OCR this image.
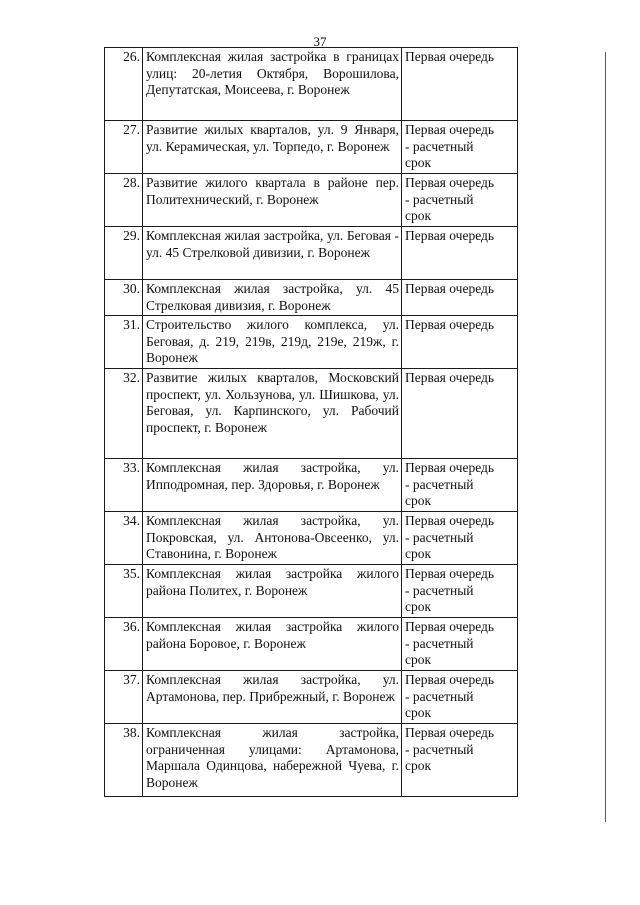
37
26.	Комплексная жилая застройка в границах улиц: 20-летия Октября, Ворошилова, Депутатская, Моисеева, г. Воронеж	Первая очередь

27.	Развитие жилых кварталов, ул. 9 Января, ул. Керамическая, ул. Торпедо, г. Воронеж	Первая очередь
- расчетный
срок

28.	Развитие жилого квартала в районе пер. Политехнический, г. Воронеж	Первая очередь
- расчетный
срок

29.	Комплексная жилая застройка, ул. Беговая - ул. 45 Стрелковой дивизии, г. Воронеж	Первая очередь

30.	Комплексная жилая застройка, ул. 45 Стрелковая дивизия, г. Воронеж	Первая очередь

31.	Строительство жилого комплекса, ул. Беговая, д. 219, 219в, 219д, 219е, 219ж, г. Воронеж	Первая очередь

32.	Развитие жилых кварталов, Московский проспект, ул. Хользунова, ул. Шишкова, ул. Беговая, ул. Карпинского, ул. Рабочий проспект, г. Воронеж	Первая очередь

33.	Комплексная жилая застройка, ул. Ипподромная, пер. Здоровья, г. Воронеж	Первая очередь
- расчетный
срок

34.	Комплексная жилая застройка, ул. Покровская, ул. Антонова-Овсеенко, ул. Ставонина, г. Воронеж	Первая очередь
- расчетный
срок

35.	Комплексная жилая застройка жилого района Политех, г. Воронеж	Первая очередь
- расчетный
срок

36.	Комплексная жилая застройка жилого района Боровое, г. Воронеж	Первая очередь
- расчетный
срок

37.	Комплексная жилая застройка, ул. Артамонова, пер. Прибрежный, г. Воронеж	Первая очередь
- расчетный
срок

38.	Комплексная жилая застройка, ограниченная улицами: Артамонова, Маршала Одинцова, набережной Чуева, г. Воронеж	Первая очередь
- расчетный
срок
